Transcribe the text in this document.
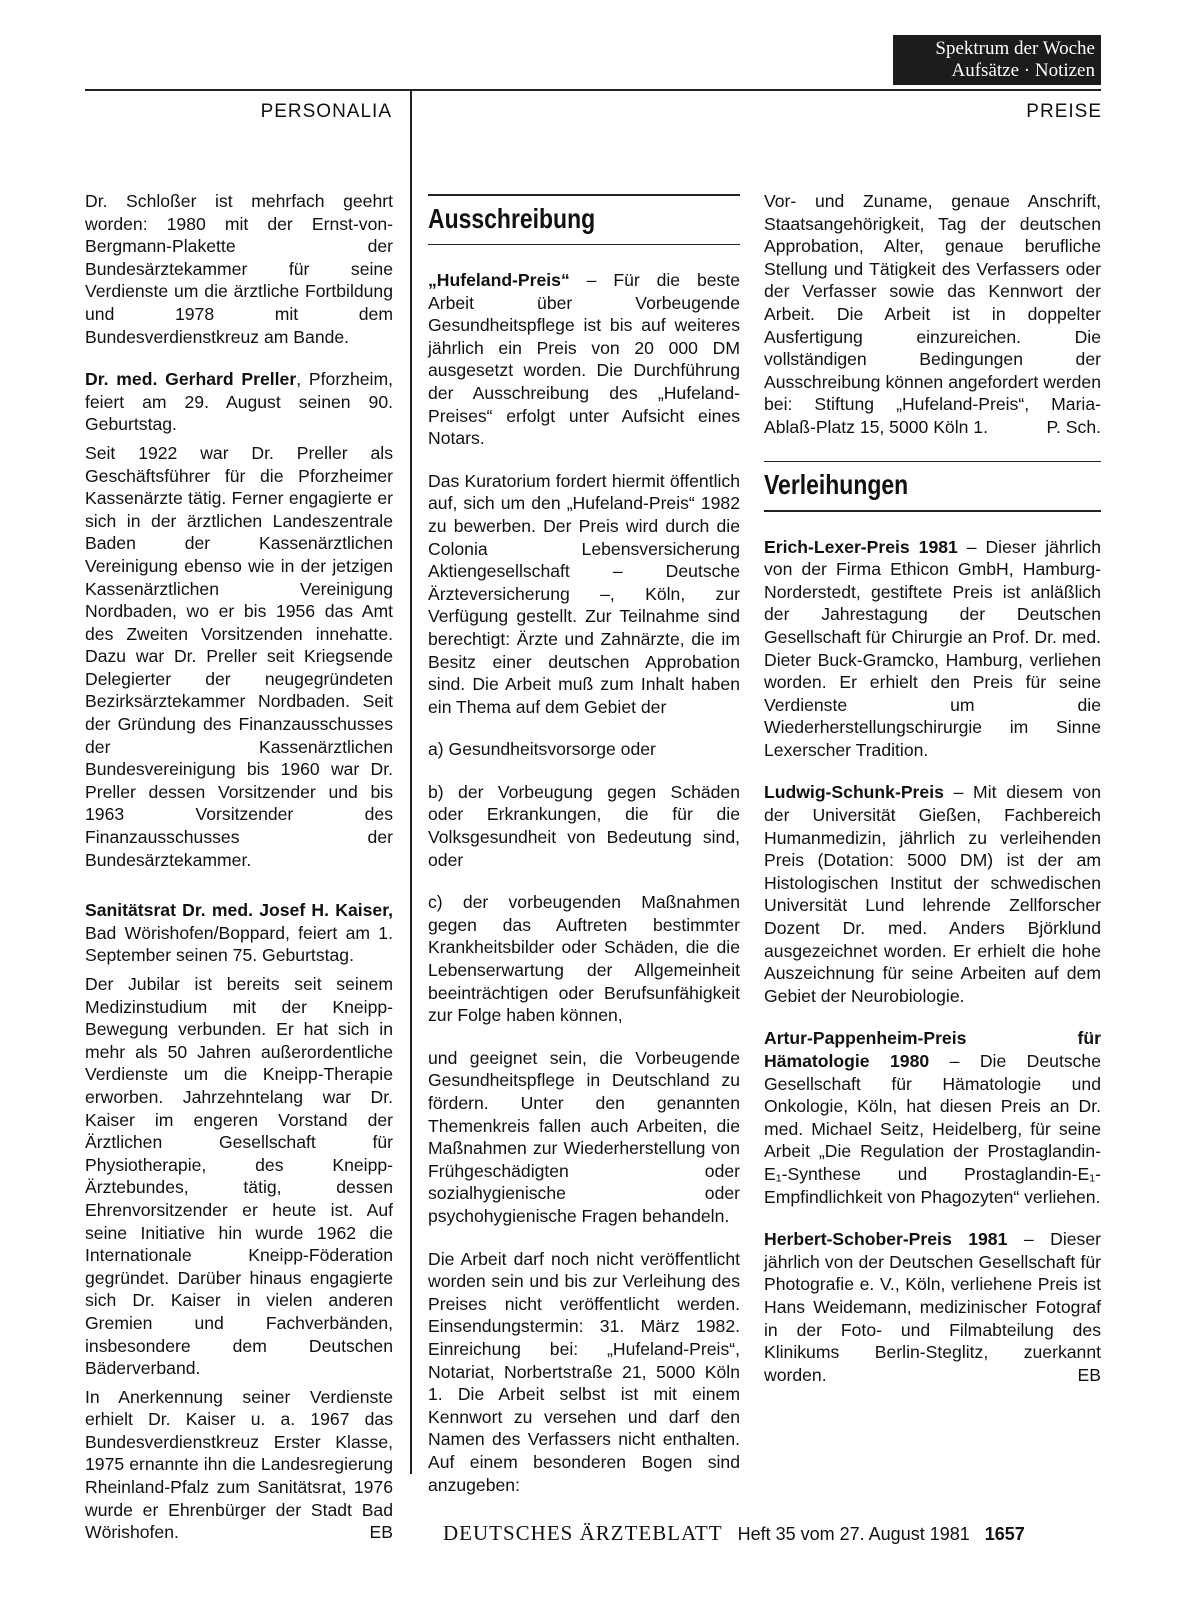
Spektrum der Woche
Aufsätze · Notizen
PERSONALIA	PREISE

Dr. Schloßer ist mehrfach geehrt worden: 1980 mit der Ernst-von-Bergmann-Plakette der Bundesärztekammer für seine Verdienste um die ärztliche Fortbildung und 1978 mit dem Bundesverdienstkreuz am Bande.

Dr. med. Gerhard Preller, Pforzheim, feiert am 29. August seinen 90. Geburtstag.

Seit 1922 war Dr. Preller als Geschäftsführer für die Pforzheimer Kassenärzte tätig. Ferner engagierte er sich in der ärztlichen Landeszentrale Baden der Kassenärztlichen Vereinigung ebenso wie in der jetzigen Kassenärztlichen Vereinigung Nordbaden, wo er bis 1956 das Amt des Zweiten Vorsitzenden innehatte. Dazu war Dr. Preller seit Kriegsende Delegierter der neugegründeten Bezirksärztekammer Nordbaden. Seit der Gründung des Finanzausschusses der Kassenärztlichen Bundesvereinigung bis 1960 war Dr. Preller dessen Vorsitzender und bis 1963 Vorsitzender des Finanzausschusses der Bundesärztekammer.

Sanitätsrat Dr. med. Josef H. Kaiser, Bad Wörishofen/Boppard, feiert am 1. September seinen 75. Geburtstag.

Der Jubilar ist bereits seit seinem Medizinstudium mit der Kneipp-Bewegung verbunden. Er hat sich in mehr als 50 Jahren außerordentliche Verdienste um die Kneipp-Therapie erworben. Jahrzehntelang war Dr. Kaiser im engeren Vorstand der Ärztlichen Gesellschaft für Physiotherapie, des Kneipp-Ärztebundes, tätig, dessen Ehrenvorsitzender er heute ist. Auf seine Initiative hin wurde 1962 die Internationale Kneipp-Föderation gegründet. Darüber hinaus engagierte sich Dr. Kaiser in vielen anderen Gremien und Fachverbänden, insbesondere dem Deutschen Bäderverband.

In Anerkennung seiner Verdienste erhielt Dr. Kaiser u. a. 1967 das Bundesverdienstkreuz Erster Klasse, 1975 ernannte ihn die Landesregierung Rheinland-Pfalz zum Sanitätsrat, 1976 wurde er Ehrenbürger der Stadt Bad Wörishofen.	EB

Ausschreibung

„Hufeland-Preis“ – Für die beste Arbeit über Vorbeugende Gesundheitspflege ist bis auf weiteres jährlich ein Preis von 20 000 DM ausgesetzt worden. Die Durchführung der Ausschreibung des „Hufeland-Preises“ erfolgt unter Aufsicht eines Notars.

Das Kuratorium fordert hiermit öffentlich auf, sich um den „Hufeland-Preis“ 1982 zu bewerben. Der Preis wird durch die Colonia Lebensversicherung Aktiengesellschaft – Deutsche Ärzteversicherung –, Köln, zur Verfügung gestellt. Zur Teilnahme sind berechtigt: Ärzte und Zahnärzte, die im Besitz einer deutschen Approbation sind. Die Arbeit muß zum Inhalt haben ein Thema auf dem Gebiet der

a) Gesundheitsvorsorge oder

b) der Vorbeugung gegen Schäden oder Erkrankungen, die für die Volksgesundheit von Bedeutung sind, oder

c) der vorbeugenden Maßnahmen gegen das Auftreten bestimmter Krankheitsbilder oder Schäden, die die Lebenserwartung der Allgemeinheit beeinträchtigen oder Berufsunfähigkeit zur Folge haben können,

und geeignet sein, die Vorbeugende Gesundheitspflege in Deutschland zu fördern. Unter den genannten Themenkreis fallen auch Arbeiten, die Maßnahmen zur Wiederherstellung von Frühgeschädigten oder sozialhygienische oder psychohygienische Fragen behandeln.

Die Arbeit darf noch nicht veröffentlicht worden sein und bis zur Verleihung des Preises nicht veröffentlicht werden. Einsendungstermin: 31. März 1982. Einreichung bei: „Hufeland-Preis“, Notariat, Norbertstraße 21, 5000 Köln 1. Die Arbeit selbst ist mit einem Kennwort zu versehen und darf den Namen des Verfassers nicht enthalten. Auf einem besonderen Bogen sind anzugeben:

Vor- und Zuname, genaue Anschrift, Staatsangehörigkeit, Tag der deutschen Approbation, Alter, genaue berufliche Stellung und Tätigkeit des Verfassers oder der Verfasser sowie das Kennwort der Arbeit. Die Arbeit ist in doppelter Ausfertigung einzureichen. Die vollständigen Bedingungen der Ausschreibung können angefordert werden bei: Stiftung „Hufeland-Preis“, Maria-Ablaß-Platz 15, 5000 Köln 1.	P. Sch.

Verleihungen

Erich-Lexer-Preis 1981 – Dieser jährlich von der Firma Ethicon GmbH, Hamburg-Norderstedt, gestiftete Preis ist anläßlich der Jahrestagung der Deutschen Gesellschaft für Chirurgie an Prof. Dr. med. Dieter Buck-Gramcko, Hamburg, verliehen worden. Er erhielt den Preis für seine Verdienste um die Wiederherstellungschirurgie im Sinne Lexerscher Tradition.

Ludwig-Schunk-Preis – Mit diesem von der Universität Gießen, Fachbereich Humanmedizin, jährlich zu verleihenden Preis (Dotation: 5000 DM) ist der am Histologischen Institut der schwedischen Universität Lund lehrende Zellforscher Dozent Dr. med. Anders Björklund ausgezeichnet worden. Er erhielt die hohe Auszeichnung für seine Arbeiten auf dem Gebiet der Neurobiologie.

Artur-Pappenheim-Preis für Hämatologie 1980 – Die Deutsche Gesellschaft für Hämatologie und Onkologie, Köln, hat diesen Preis an Dr. med. Michael Seitz, Heidelberg, für seine Arbeit „Die Regulation der Prostaglandin-E₁-Synthese und Prostaglandin-E₁-Empfindlichkeit von Phagozyten“ verliehen.

Herbert-Schober-Preis 1981 – Dieser jährlich von der Deutschen Gesellschaft für Photografie e. V., Köln, verliehene Preis ist Hans Weidemann, medizinischer Fotograf in der Foto- und Filmabteilung des Klinikums Berlin-Steglitz, zuerkannt worden.	EB

DEUTSCHES ÄRZTEBLATT Heft 35 vom 27. August 1981 1657
